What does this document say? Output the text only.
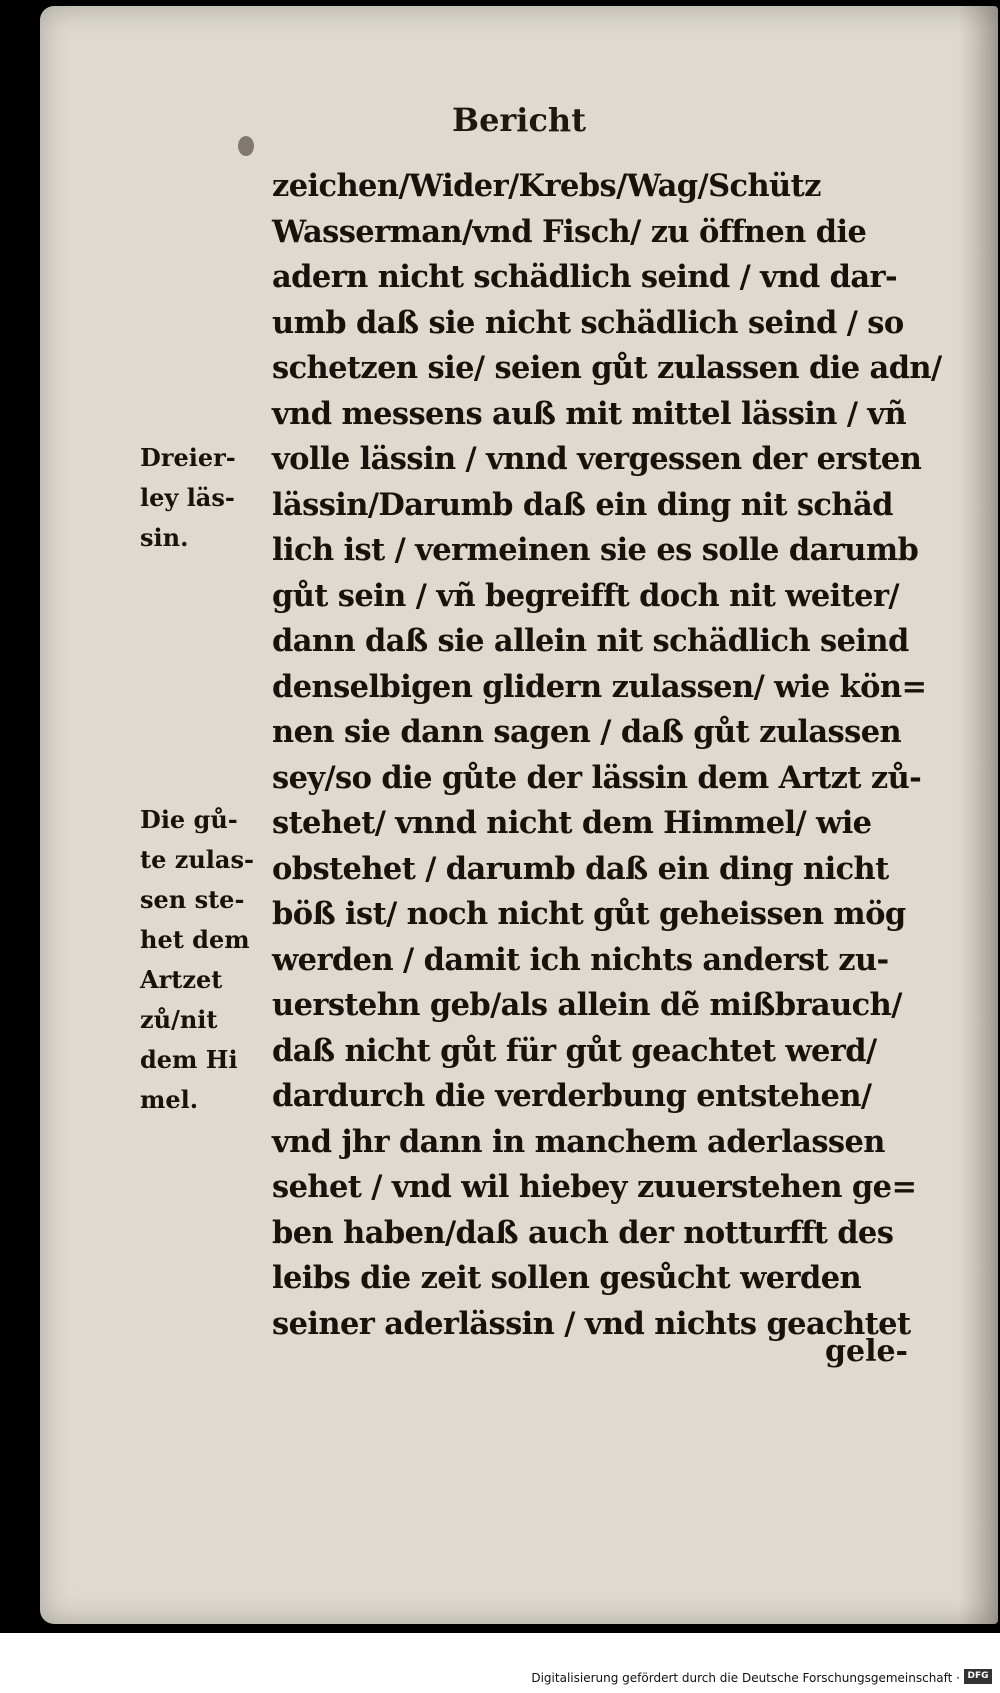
Bericht
Dreier-
ley läs-
sin.
Die gů-
te zulas-
sen ste-
het dem
Artzet
zů/nit
dem Hi
mel.
zeichen/Wider/Krebs/Wag/Schütz
Wasserman/vnd Fisch/ zu öffnen die
adern nicht schädlich seind / vnd dar-
umb daß sie nicht schädlich seind / so
schetzen sie/ seien gůt zulassen die adn/
vnd messens auß mit mittel lässin / vñ
volle lässin / vnnd vergessen der ersten
lässin/Darumb daß ein ding nit schäd
lich ist / vermeinen sie es solle darumb
gůt sein / vñ begreifft doch nit weiter/
dann daß sie allein nit schädlich seind
denselbigen glidern zulassen/ wie kön=
nen sie dann sagen / daß gůt zulassen
sey/so die gůte der lässin dem Artzt zů-
stehet/ vnnd nicht dem Himmel/ wie
obstehet / darumb daß ein ding nicht
böß ist/ noch nicht gůt geheissen mög
werden / damit ich nichts anderst zu-
uerstehn geb/als allein dẽ mißbrauch/
daß nicht gůt für gůt geachtet werd/
dardurch die verderbung entstehen/
vnd jhr dann in manchem aderlassen
sehet / vnd wil hiebey zuuerstehen ge=
ben haben/daß auch der notturfft des
leibs die zeit sollen gesůcht werden
seiner aderlässin / vnd nichts geachtet
gele-
Digitalisierung gefördert durch die Deutsche Forschungsgemeinschaft · DFG
